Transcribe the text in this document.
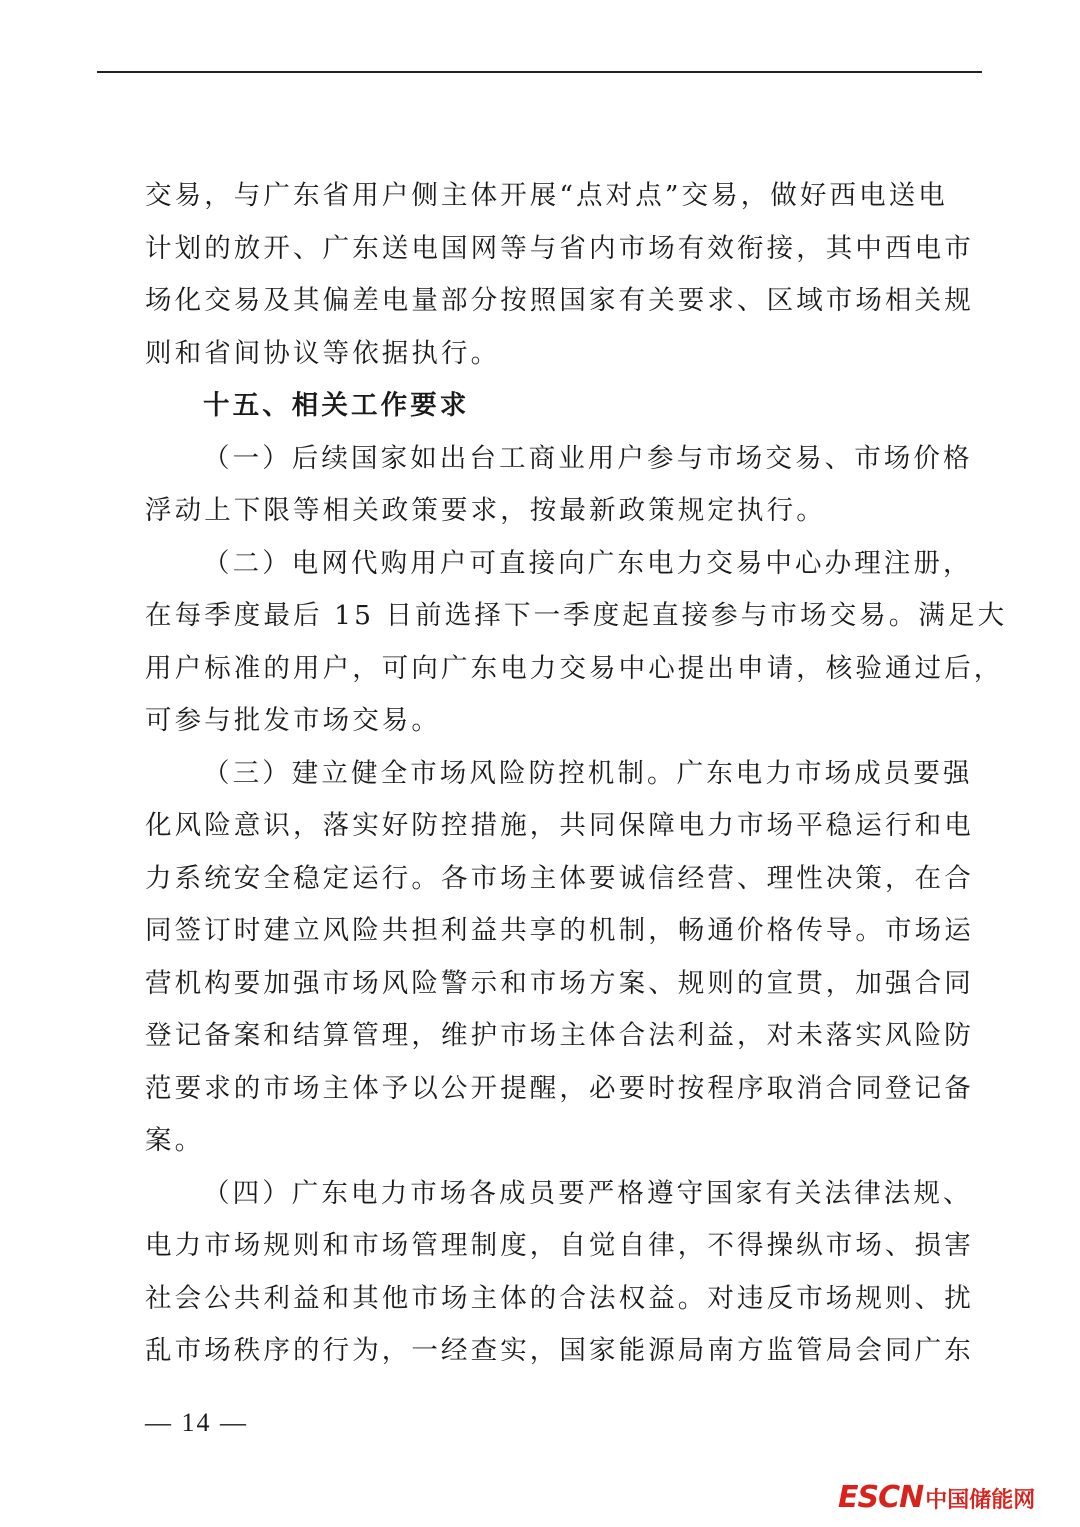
交易，与广东省用户侧主体开展“点对点”交易，做好西电送电
计划的放开、广东送电国网等与省内市场有效衔接，其中西电市
场化交易及其偏差电量部分按照国家有关要求、区域市场相关规
则和省间协议等依据执行。
十五、相关工作要求
（一）后续国家如出台工商业用户参与市场交易、市场价格
浮动上下限等相关政策要求，按最新政策规定执行。
（二）电网代购用户可直接向广东电力交易中心办理注册，
在每季度最后 15 日前选择下一季度起直接参与市场交易。满足大
用户标准的用户，可向广东电力交易中心提出申请，核验通过后，
可参与批发市场交易。
（三）建立健全市场风险防控机制。广东电力市场成员要强
化风险意识，落实好防控措施，共同保障电力市场平稳运行和电
力系统安全稳定运行。各市场主体要诚信经营、理性决策，在合
同签订时建立风险共担利益共享的机制，畅通价格传导。市场运
营机构要加强市场风险警示和市场方案、规则的宣贯，加强合同
登记备案和结算管理，维护市场主体合法利益，对未落实风险防
范要求的市场主体予以公开提醒，必要时按程序取消合同登记备
案。
（四）广东电力市场各成员要严格遵守国家有关法律法规、
电力市场规则和市场管理制度，自觉自律，不得操纵市场、损害
社会公共利益和其他市场主体的合法权益。对违反市场规则、扰
乱市场秩序的行为，一经查实，国家能源局南方监管局会同广东
— 14 —
ESCN中国储能网
